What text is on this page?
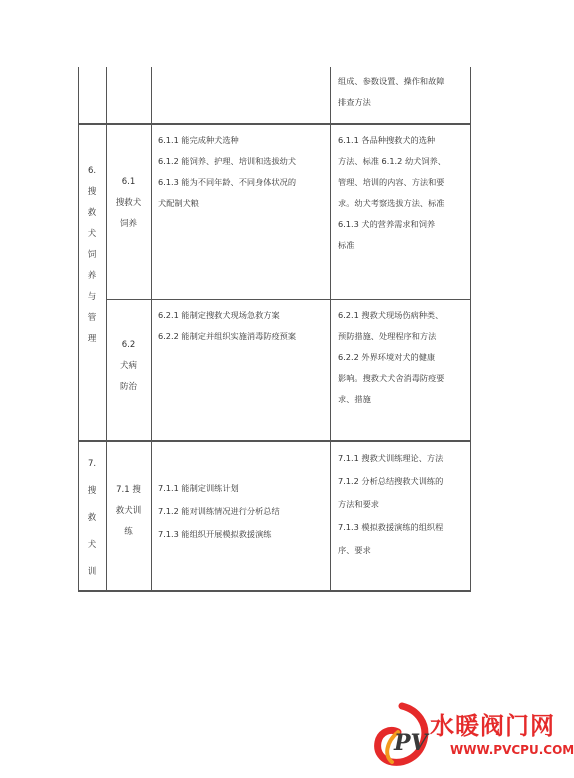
组成、参数设置、操作和故障
排查方法
6.
搜
救
犬
饲
养
与
管
理
6.1
搜救犬
饲养
6.1.1 能完成种犬选种
6.1.2 能饲养、护理、培训和选拔幼犬
6.1.3 能为不同年龄、不同身体状况的
犬配制犬粮
6.1.1 各品种搜救犬的选种
方法、标准 6.1.2 幼犬饲养、
管理、培训的内容、方法和要
求。幼犬考察选拔方法、标准
6.1.3 犬的营养需求和饲养
标准
6.2
犬病
防治
6.2.1 能制定搜救犬现场急救方案
6.2.2 能制定并组织实施消毒防疫预案
6.2.1 搜救犬现场伤病种类、
预防措施、处理程序和方法
6.2.2 外界环境对犬的健康
影响。搜救犬犬舍消毒防疫要
求、措施
7.
搜
救
犬
训
7.1 搜
救犬训
练
7.1.1 能制定训练计划
7.1.2 能对训练情况进行分析总结
7.1.3 能组织开展模拟救援演练
7.1.1 搜救犬训练理论、方法
7.1.2 分析总结搜救犬训练的
方法和要求
7.1.3 模拟救援演练的组织程
序、要求
PV
水暖阀门网
WWW.PVCPU.COM
